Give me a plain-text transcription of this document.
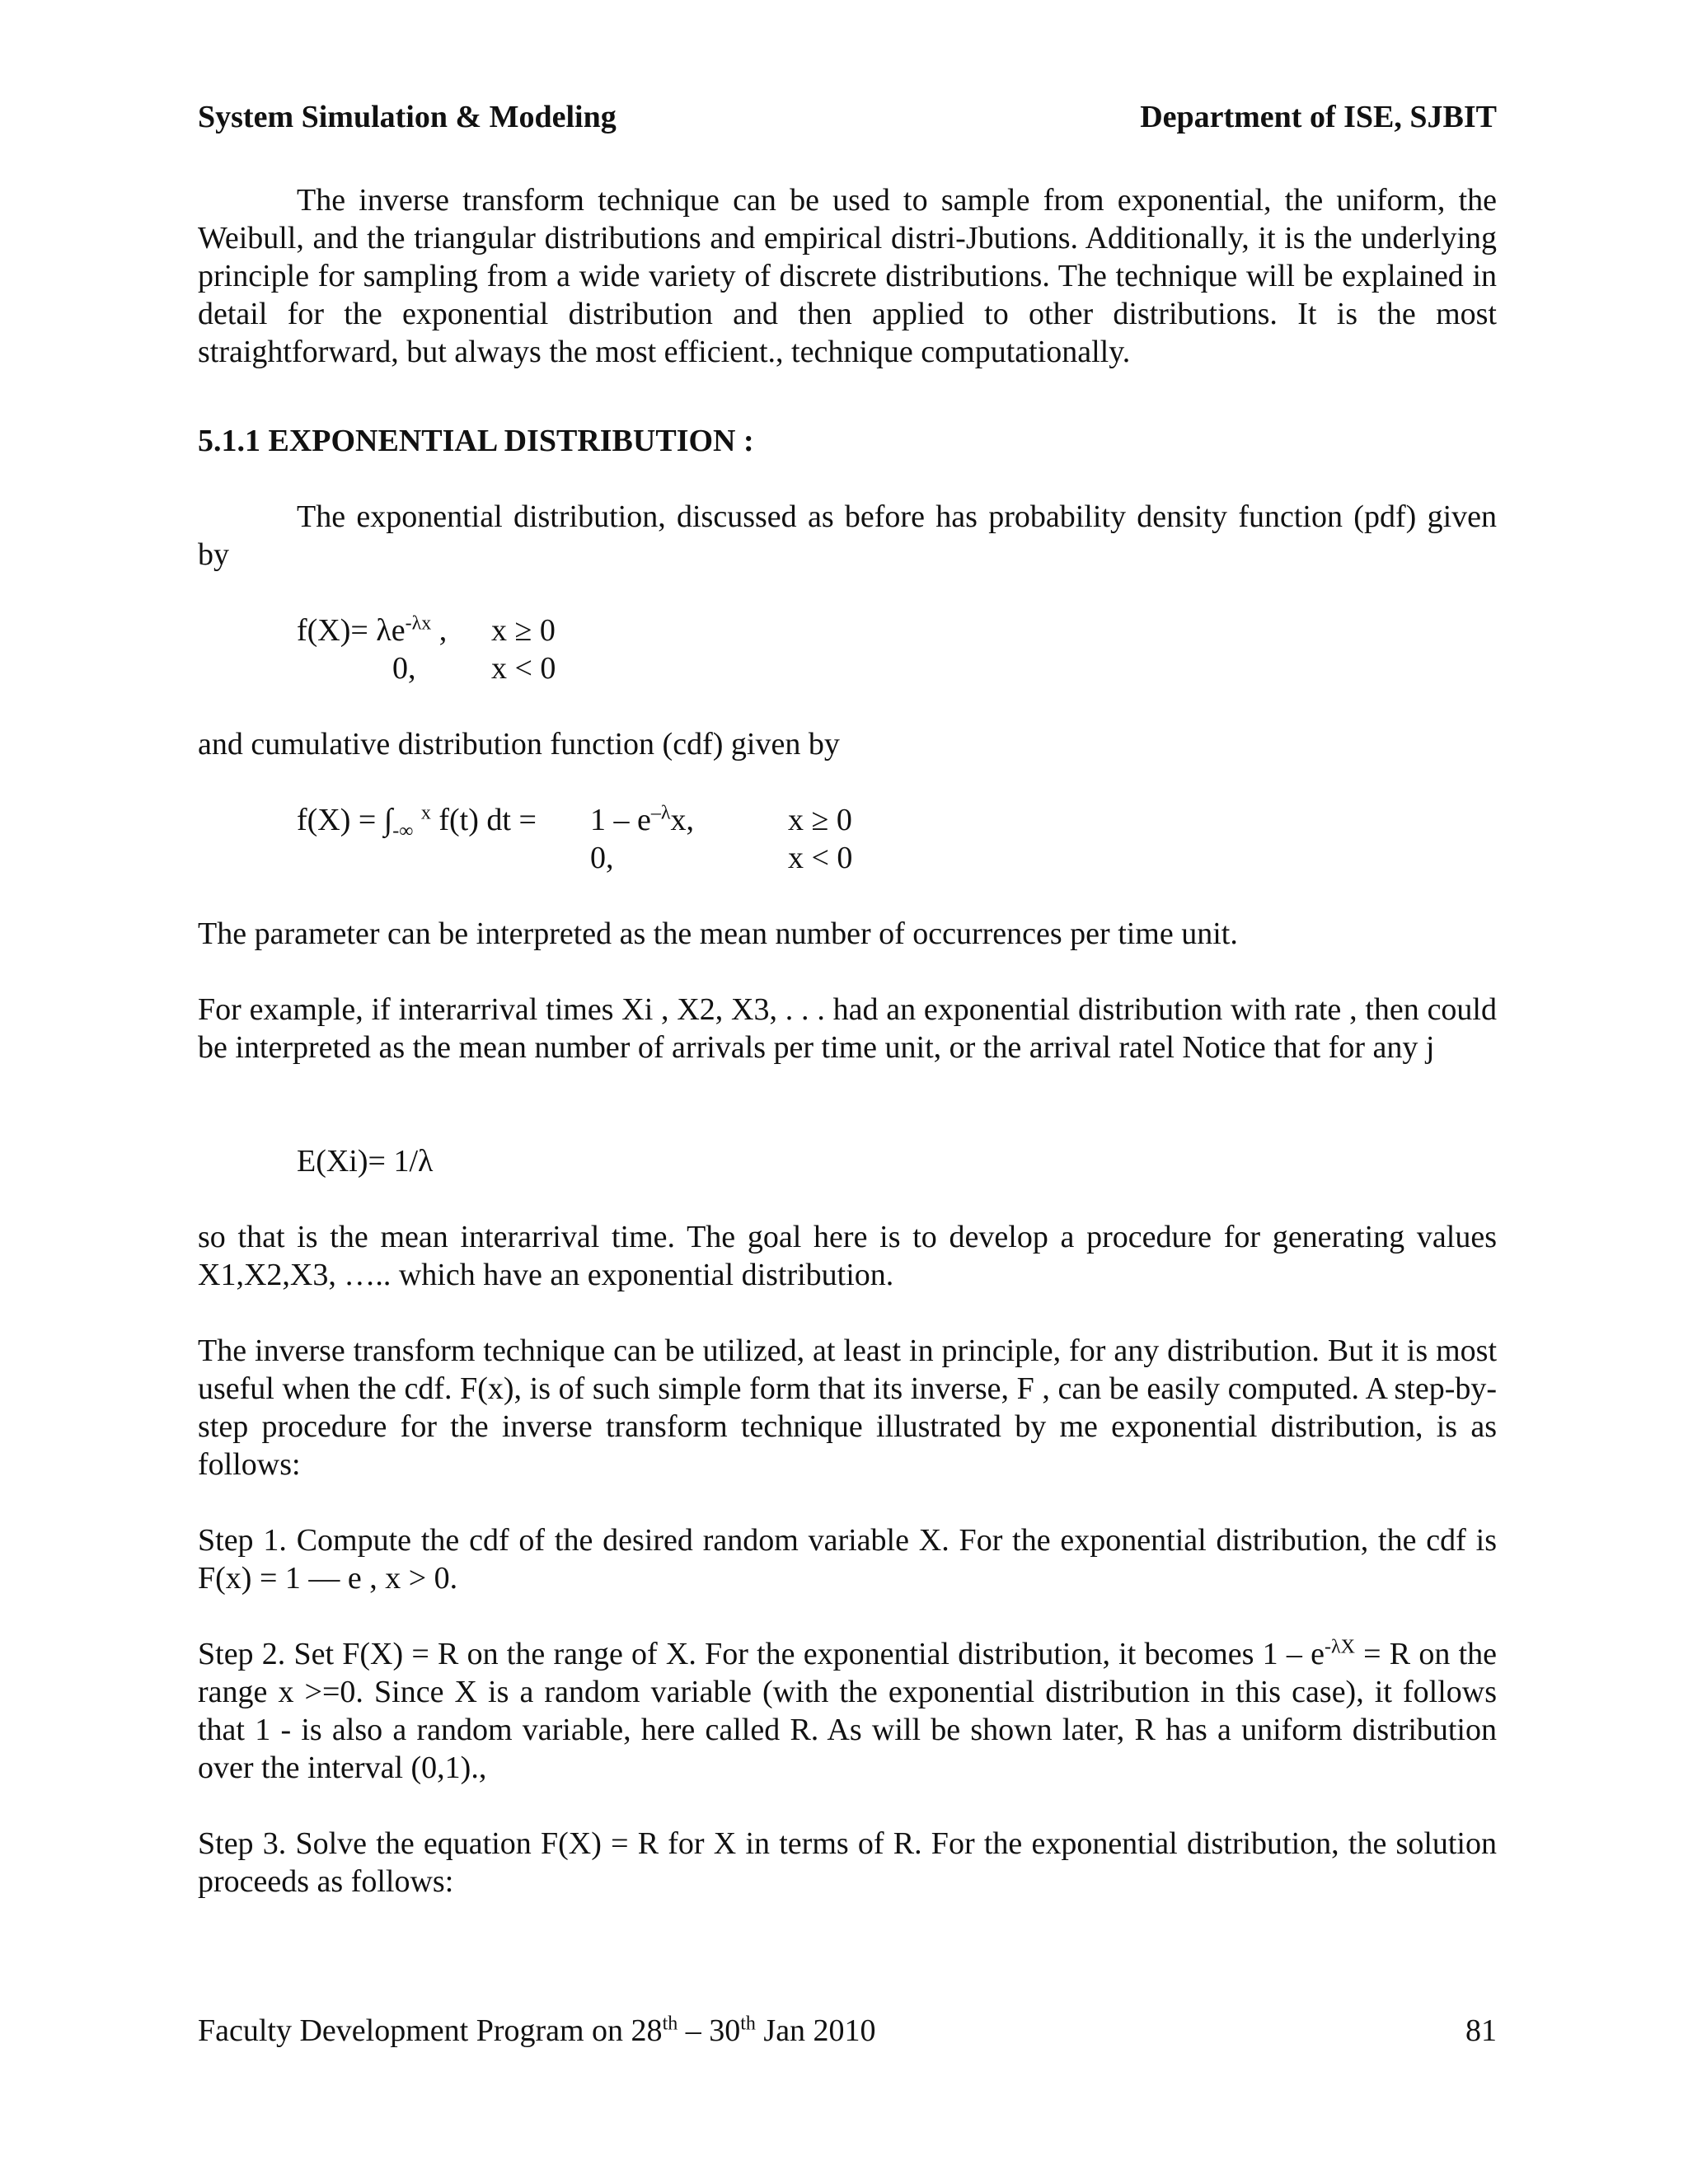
System Simulation & Modeling	Department of ISE, SJBIT

The inverse transform technique can be used to sample from exponential, the uniform, the Weibull, and the triangular distributions and empirical distri-Jbutions. Additionally, it is the underlying principle for sampling from a wide variety of discrete distributions. The technique will be explained in detail for the exponential distribution and then applied to other distributions. It is the most straightforward, but always the most efficient., technique computationally.

5.1.1 EXPONENTIAL DISTRIBUTION :

The exponential distribution, discussed as before has probability density function (pdf) given by

$f(X)= \lambda e^{-\lambda x}$ , x ≥ 0
0, x < 0

and cumulative distribution function (cdf) given by

$f(X) = \int_{-\infty}$ $^x$ f(t) dt = $1 - e^{-\lambda}x$,	x ≥ 0
0,	x < 0

The parameter can be interpreted as the mean number of occurrences per time unit.

For example, if interarrival times Xi , X2, X3, . . . had an exponential distribution with rate , then could be interpreted as the mean number of arrivals per time unit, or the arrival ratel Notice that for any j

E(Xi)= 1/λ

so that is the mean interarrival time. The goal here is to develop a procedure for generating values X1,X2,X3, ….. which have an exponential distribution.

The inverse transform technique can be utilized, at least in principle, for any distribution. But it is most useful when the cdf. F(x), is of such simple form that its inverse, F , can be easily computed. A step-by-step procedure for the inverse transform technique illustrated by me exponential distribution, is as follows:

Step 1. Compute the cdf of the desired random variable X. For the exponential distribution, the cdf is F(x) = 1 — e , x > 0.

Step 2. Set F(X) = R on the range of X. For the exponential distribution, it becomes $1 - e^{-\lambda X} = R$ on the range x >=0. Since X is a random variable (with the exponential distribution in this case), it follows that 1 - is also a random variable, here called R. As will be shown later, R has a uniform distribution over the interval (0,1).,

Step 3. Solve the equation F(X) = R for X in terms of R. For the exponential distribution, the solution proceeds as follows:

Faculty Development Program on 28th – 30th Jan 2010	81
